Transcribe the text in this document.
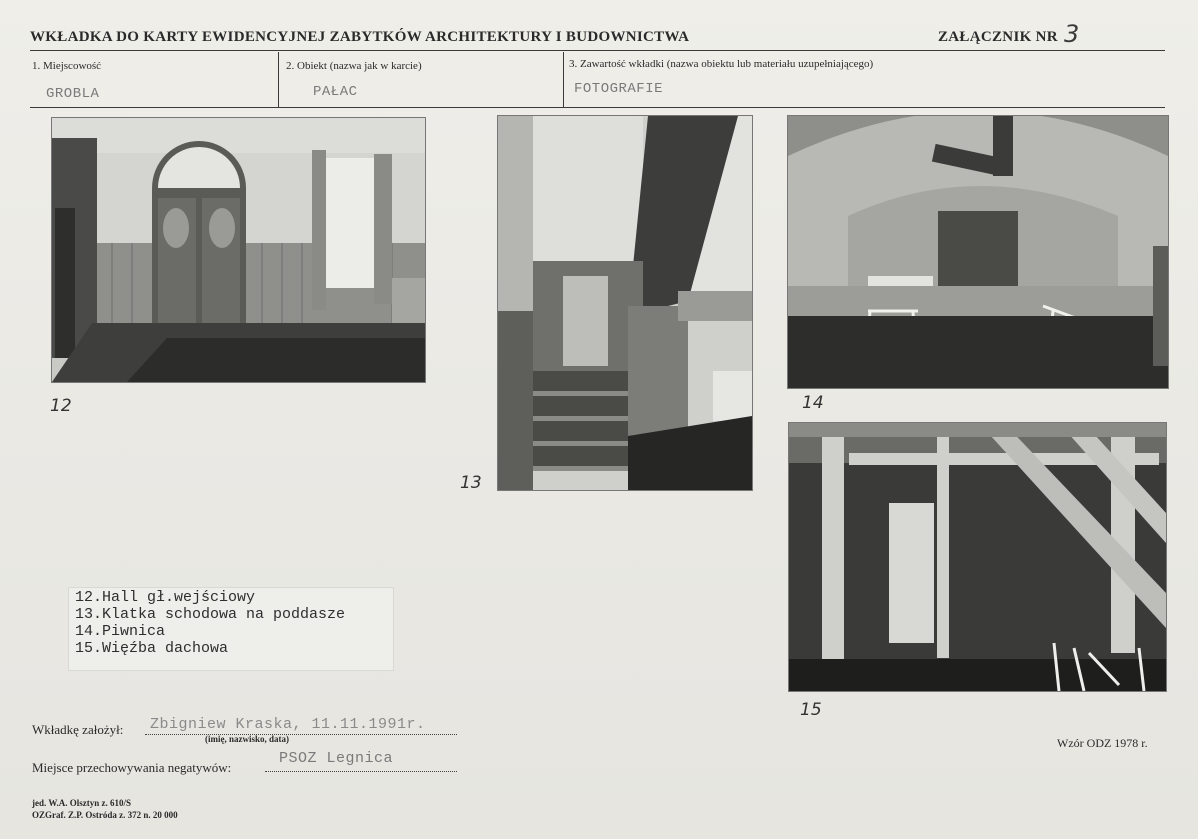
WKŁADKA DO KARTY EWIDENCYJNEJ ZABYTKÓW ARCHITEKTURY I BUDOWNICTWA	ZAŁĄCZNIK NR 3
1. Miejscowość
GROBLA
2. Obiekt (nazwa jak w karcie)
PAŁAC
3. Zawartość wkładki (nazwa obiektu lub materiału uzupełniającego)
FOTOGRAFIE
12
13
14
15
12.Hall gł.wejściowy
13.Klatka schodowa na poddasze
14.Piwnica
15.Więźba dachowa
Wkładkę założył: Zbigniew Kraska, 11.11.1991r.
(imię, nazwisko, data)
Miejsce przechowywania negatywów:
PSOZ Legnica
Wzór ODZ 1978 r.
jed. W.A. Olsztyn z. 610/S
OZGraf. Z.P. Ostróda z. 372 n. 20 000
